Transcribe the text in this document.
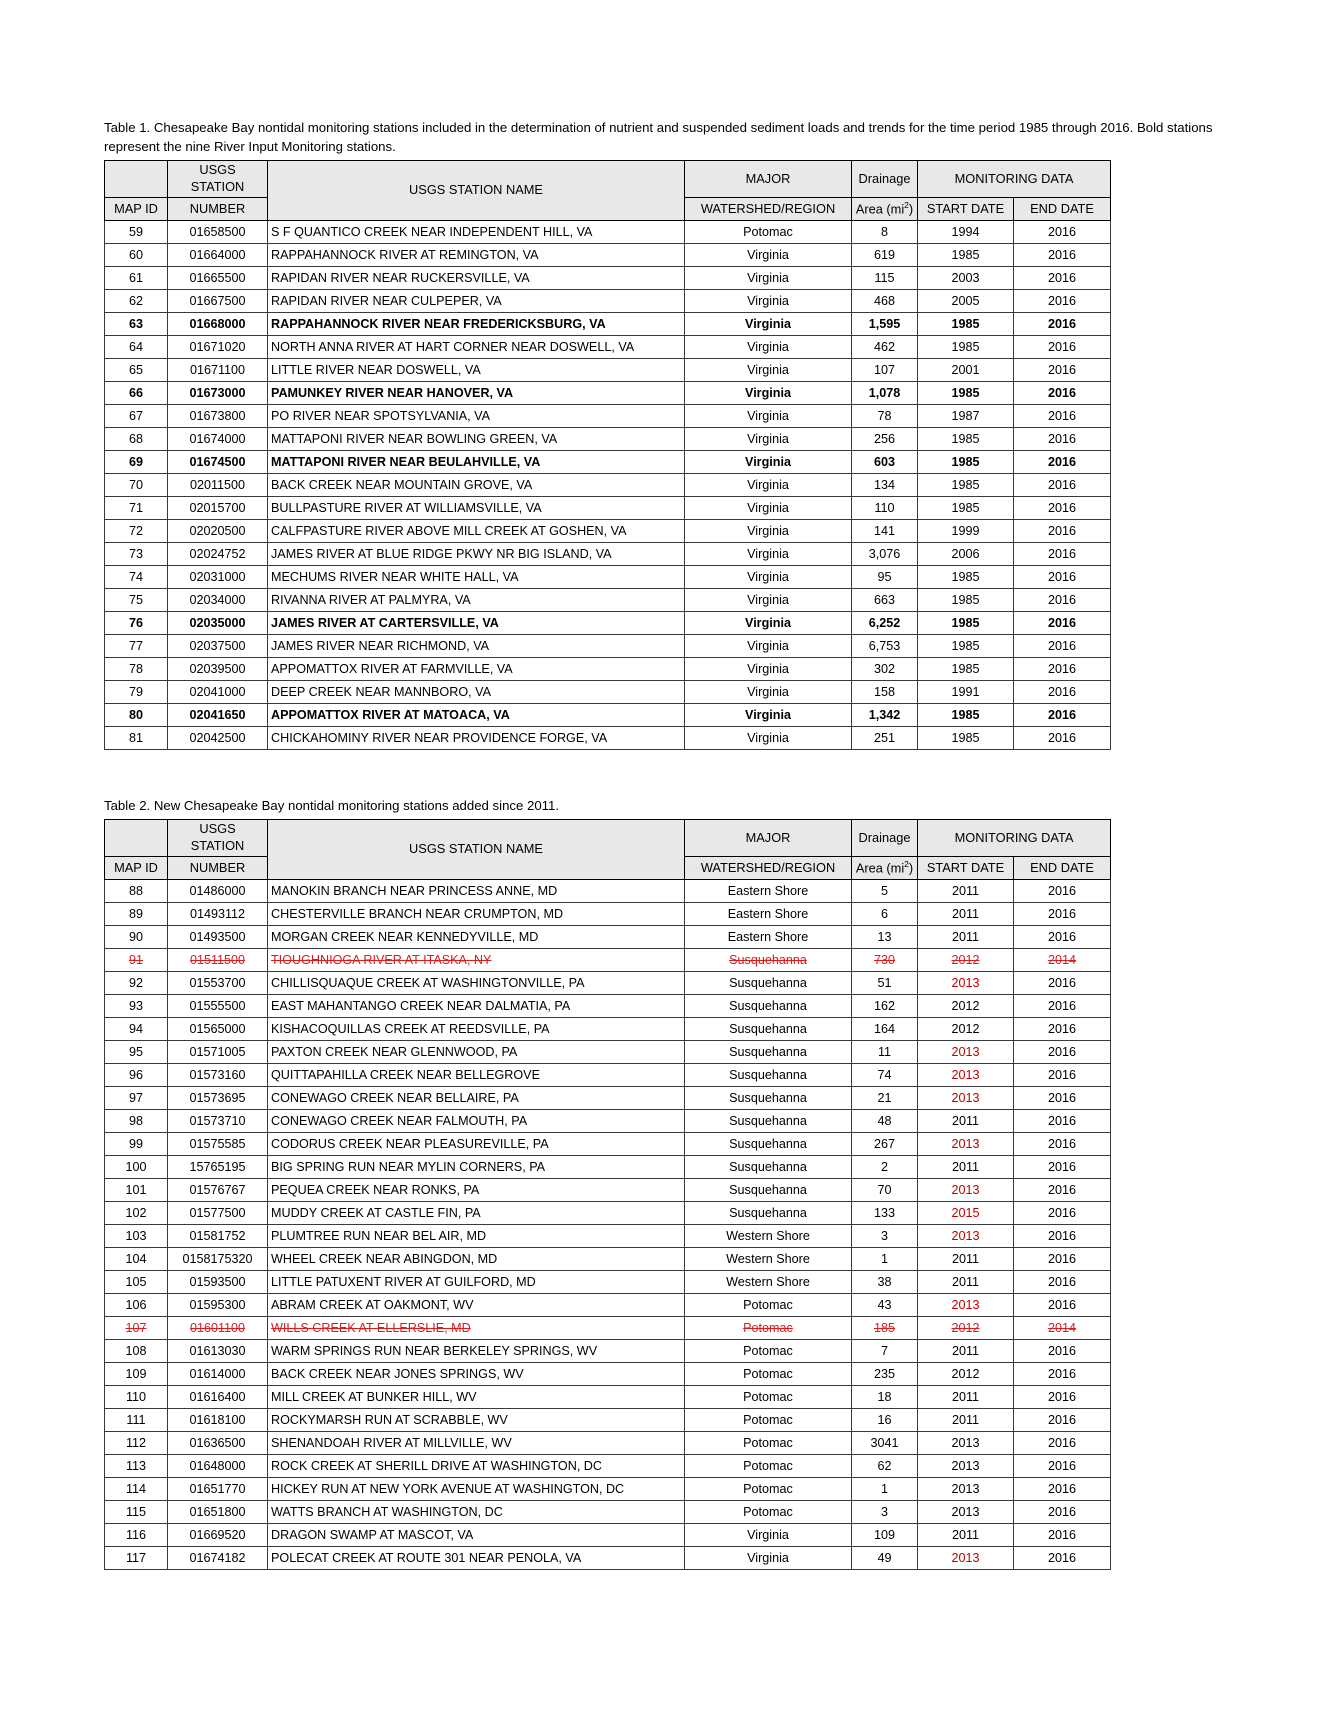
Table 1. Chesapeake Bay nontidal monitoring stations included in the determination of nutrient and suspended sediment loads and trends for the time period 1985 through 2016. Bold stations represent the nine River Input Monitoring stations.

	USGS STATION	USGS STATION NAME	MAJOR	Drainage	MONITORING DATA	
MAP ID	NUMBER		WATERSHED/REGION	Area $(mi^2)$	START DATE	END DATE
59	01658500	S F QUANTICO CREEK NEAR INDEPENDENT HILL, VA	Potomac	8	1994	2016
60	01664000	RAPPAHANNOCK RIVER AT REMINGTON, VA	Virginia	619	1985	2016
61	01665500	RAPIDAN RIVER NEAR RUCKERSVILLE, VA	Virginia	115	2003	2016
62	01667500	RAPIDAN RIVER NEAR CULPEPER, VA	Virginia	468	2005	2016
63	01668000	RAPPAHANNOCK RIVER NEAR FREDERICKSBURG, VA	Virginia	1,595	1985	2016
64	01671020	NORTH ANNA RIVER AT HART CORNER NEAR DOSWELL, VA	Virginia	462	1985	2016
65	01671100	LITTLE RIVER NEAR DOSWELL, VA	Virginia	107	2001	2016
66	01673000	PAMUNKEY RIVER NEAR HANOVER, VA	Virginia	1,078	1985	2016
67	01673800	PO RIVER NEAR SPOTSYLVANIA, VA	Virginia	78	1987	2016
68	01674000	MATTAPONI RIVER NEAR BOWLING GREEN, VA	Virginia	256	1985	2016
69	01674500	MATTAPONI RIVER NEAR BEULAHVILLE, VA	Virginia	603	1985	2016
70	02011500	BACK CREEK NEAR MOUNTAIN GROVE, VA	Virginia	134	1985	2016
71	02015700	BULLPASTURE RIVER AT WILLIAMSVILLE, VA	Virginia	110	1985	2016
72	02020500	CALFPASTURE RIVER ABOVE MILL CREEK AT GOSHEN, VA	Virginia	141	1999	2016
73	02024752	JAMES RIVER AT BLUE RIDGE PKWY NR BIG ISLAND, VA	Virginia	3,076	2006	2016
74	02031000	MECHUMS RIVER NEAR WHITE HALL, VA	Virginia	95	1985	2016
75	02034000	RIVANNA RIVER AT PALMYRA, VA	Virginia	663	1985	2016
76	02035000	JAMES RIVER AT CARTERSVILLE, VA	Virginia	6,252	1985	2016
77	02037500	JAMES RIVER NEAR RICHMOND, VA	Virginia	6,753	1985	2016
78	02039500	APPOMATTOX RIVER AT FARMVILLE, VA	Virginia	302	1985	2016
79	02041000	DEEP CREEK NEAR MANNBORO, VA	Virginia	158	1991	2016
80	02041650	APPOMATTOX RIVER AT MATOACA, VA	Virginia	1,342	1985	2016
81	02042500	CHICKAHOMINY RIVER NEAR PROVIDENCE FORGE, VA	Virginia	251	1985	2016

Table 2. New Chesapeake Bay nontidal monitoring stations added since 2011.

	USGS STATION	USGS STATION NAME	MAJOR	Drainage	MONITORING DATA	
MAP ID	NUMBER		WATERSHED/REGION	Area $(mi^2)$	START DATE	END DATE
88	01486000	MANOKIN BRANCH NEAR PRINCESS ANNE, MD	Eastern Shore	5	2011	2016
89	01493112	CHESTERVILLE BRANCH NEAR CRUMPTON, MD	Eastern Shore	6	2011	2016
90	01493500	MORGAN CREEK NEAR KENNEDYVILLE, MD	Eastern Shore	13	2011	2016
91	01511500	TIOUGHNIOGA RIVER AT ITASKA, NY	Susquehanna	730	2012	2014
92	01553700	CHILLISQUAQUE CREEK AT WASHINGTONVILLE, PA	Susquehanna	51	2013	2016
93	01555500	EAST MAHANTANGO CREEK NEAR DALMATIA, PA	Susquehanna	162	2012	2016
94	01565000	KISHACOQUILLAS CREEK AT REEDSVILLE, PA	Susquehanna	164	2012	2016
95	01571005	PAXTON CREEK NEAR GLENNWOOD, PA	Susquehanna	11	2013	2016
96	01573160	QUITTAPAHILLA CREEK NEAR BELLEGROVE	Susquehanna	74	2013	2016
97	01573695	CONEWAGO CREEK NEAR BELLAIRE, PA	Susquehanna	21	2013	2016
98	01573710	CONEWAGO CREEK NEAR FALMOUTH, PA	Susquehanna	48	2011	2016
99	01575585	CODORUS CREEK NEAR PLEASUREVILLE, PA	Susquehanna	267	2013	2016
100	15765195	BIG SPRING RUN NEAR MYLIN CORNERS, PA	Susquehanna	2	2011	2016
101	01576767	PEQUEA CREEK NEAR RONKS, PA	Susquehanna	70	2013	2016
102	01577500	MUDDY CREEK AT CASTLE FIN, PA	Susquehanna	133	2015	2016
103	01581752	PLUMTREE RUN NEAR BEL AIR, MD	Western Shore	3	2013	2016
104	0158175320	WHEEL CREEK NEAR ABINGDON, MD	Western Shore	1	2011	2016
105	01593500	LITTLE PATUXENT RIVER AT GUILFORD, MD	Western Shore	38	2011	2016
106	01595300	ABRAM CREEK AT OAKMONT, WV	Potomac	43	2013	2016
107	01601100	WILLS CREEK AT ELLERSLIE, MD	Potomac	185	2012	2014
108	01613030	WARM SPRINGS RUN NEAR BERKELEY SPRINGS, WV	Potomac	7	2011	2016
109	01614000	BACK CREEK NEAR JONES SPRINGS, WV	Potomac	235	2012	2016
110	01616400	MILL CREEK AT BUNKER HILL, WV	Potomac	18	2011	2016
111	01618100	ROCKYMARSH RUN AT SCRABBLE, WV	Potomac	16	2011	2016
112	01636500	SHENANDOAH RIVER AT MILLVILLE, WV	Potomac	3041	2013	2016
113	01648000	ROCK CREEK AT SHERILL DRIVE AT WASHINGTON, DC	Potomac	62	2013	2016
114	01651770	HICKEY RUN AT NEW YORK AVENUE AT WASHINGTON, DC	Potomac	1	2013	2016
115	01651800	WATTS BRANCH AT WASHINGTON, DC	Potomac	3	2013	2016
116	01669520	DRAGON SWAMP AT MASCOT, VA	Virginia	109	2011	2016
117	01674182	POLECAT CREEK AT ROUTE 301 NEAR PENOLA, VA	Virginia	49	2013	2016
